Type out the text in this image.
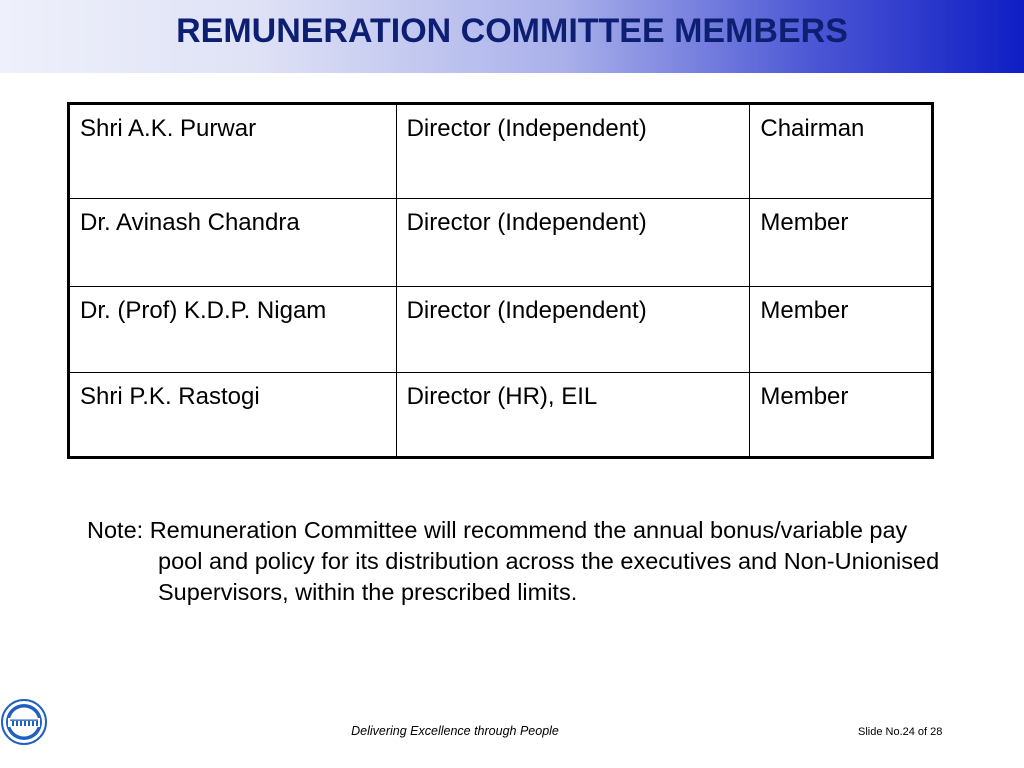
REMUNERATION COMMITTEE MEMBERS
Shri A.K. Purwar	Director (Independent)	Chairman
Dr. Avinash Chandra	Director (Independent)	Member
Dr. (Prof) K.D.P. Nigam	Director (Independent)	Member
Shri P.K. Rastogi	Director (HR), EIL	Member

Note: Remuneration Committee will recommend the annual bonus/variable pay pool and policy for its distribution across the executives and Non-Unionised Supervisors, within the prescribed limits.

Delivering Excellence through People	Slide No.24 of 28
